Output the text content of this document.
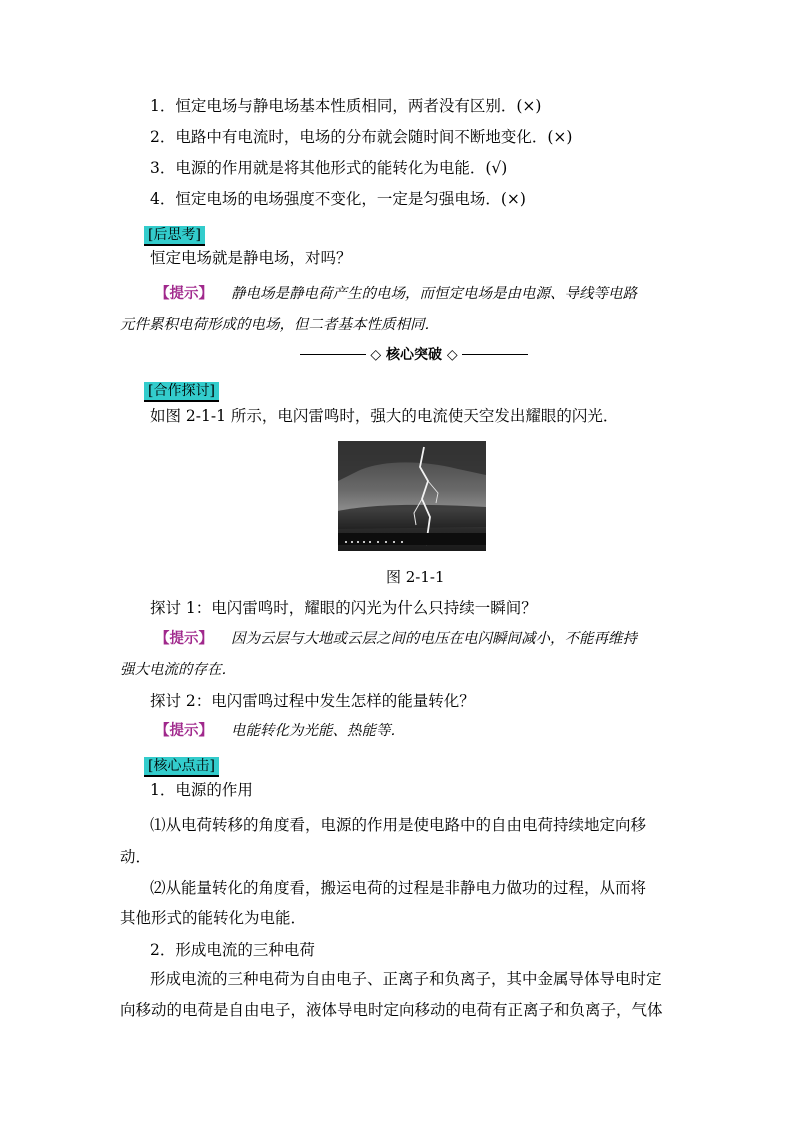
1．恒定电场与静电场基本性质相同，两者没有区别．(×)
2．电路中有电流时，电场的分布就会随时间不断地变化．(×)
3．电源的作用就是将其他形式的能转化为电能．(√)
4．恒定电场的电场强度不变化，一定是匀强电场．(×)
[后思考]
恒定电场就是静电场，对吗？
【提示】 静电场是静电荷产生的电场，而恒定电场是由电源、导线等电路
元件累积电荷形成的电场，但二者基本性质相同．
◇ 核心突破 ◇
[合作探讨]
如图 2-1-1 所示，电闪雷鸣时，强大的电流使天空发出耀眼的闪光．
图 2-1-1
探讨 1：电闪雷鸣时，耀眼的闪光为什么只持续一瞬间？
【提示】 因为云层与大地或云层之间的电压在电闪瞬间减小，不能再维持
强大电流的存在．
探讨 2：电闪雷鸣过程中发生怎样的能量转化？
【提示】 电能转化为光能、热能等．
[核心点击]
1．电源的作用
⑴从电荷转移的角度看，电源的作用是使电路中的自由电荷持续地定向移
动．
⑵从能量转化的角度看，搬运电荷的过程是非静电力做功的过程，从而将
其他形式的能转化为电能．
2．形成电流的三种电荷
形成电流的三种电荷为自由电子、正离子和负离子，其中金属导体导电时定
向移动的电荷是自由电子，液体导电时定向移动的电荷有正离子和负离子，气体
